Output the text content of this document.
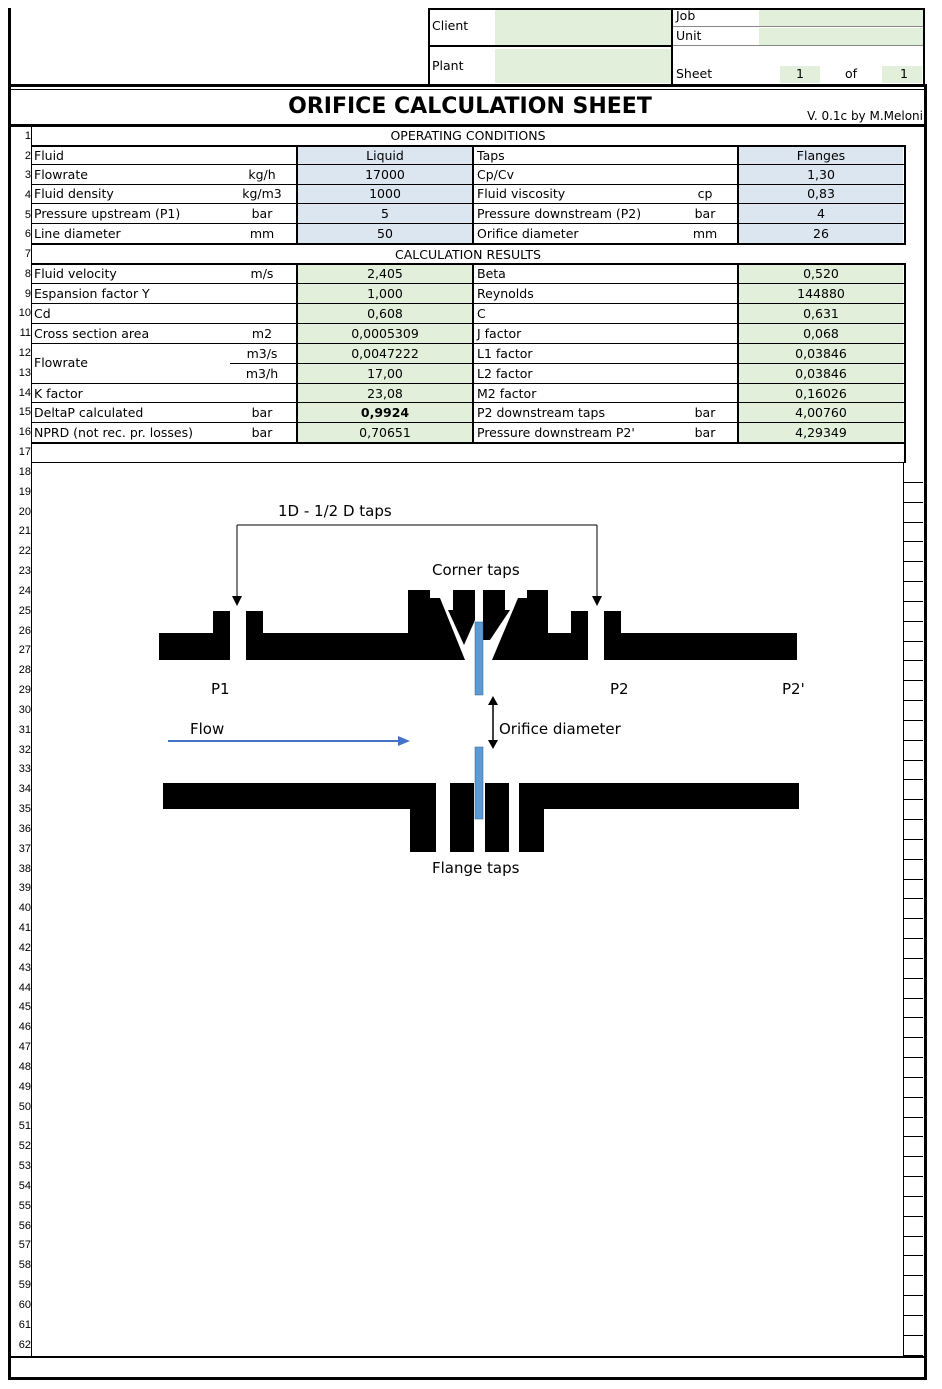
Client
Plant
Job
Unit
Sheet	1	of	1
ORIFICE CALCULATION SHEET	V. 0.1c by M.Meloni
OPERATING CONDITIONS
CALCULATION RESULTS
Fluid	Liquid	Taps	Flanges
Flowrate	kg/h	17000	Cp/Cv	1,30
Fluid density	kg/m3	1000	Fluid viscosity	cp	0,83
Pressure upstream (P1)	bar	5	Pressure downstream (P2)	bar	4
Line diameter	mm	50	Orifice diameter	mm	26
Fluid velocity	m/s	2,405	Beta	0,520
Espansion factor Y	1,000	Reynolds	144880
Cd	0,608	C	0,631
Cross section area	m2	0,0005309	J factor	0,068
Flowrate
m3/s	0,0047222	L1 factor	0,03846
m3/h	17,00	L2 factor	0,03846
K factor	23,08	M2 factor	0,16026
DeltaP calculated	bar	0,9924	P2 downstream taps	bar	4,00760
NPRD (not rec. pr. losses)	bar	0,70651	Pressure downstream P2'	bar	4,29349
1
2
3
4
5
6
7
8
9
10
11
12
13
14
15
16
17
18
19
20
21
22
23
24
25
26
27
28
29
30
31
32
33
34
35
36
37
38
39
40
41
42
43
44
45
46
47
48
49
50
51
52
53
54
55
56
57
58
59
60
61
62
1D - 1/2 D taps
Corner taps
P1	P2	P2'
Flow	Orifice diameter
Flange taps
